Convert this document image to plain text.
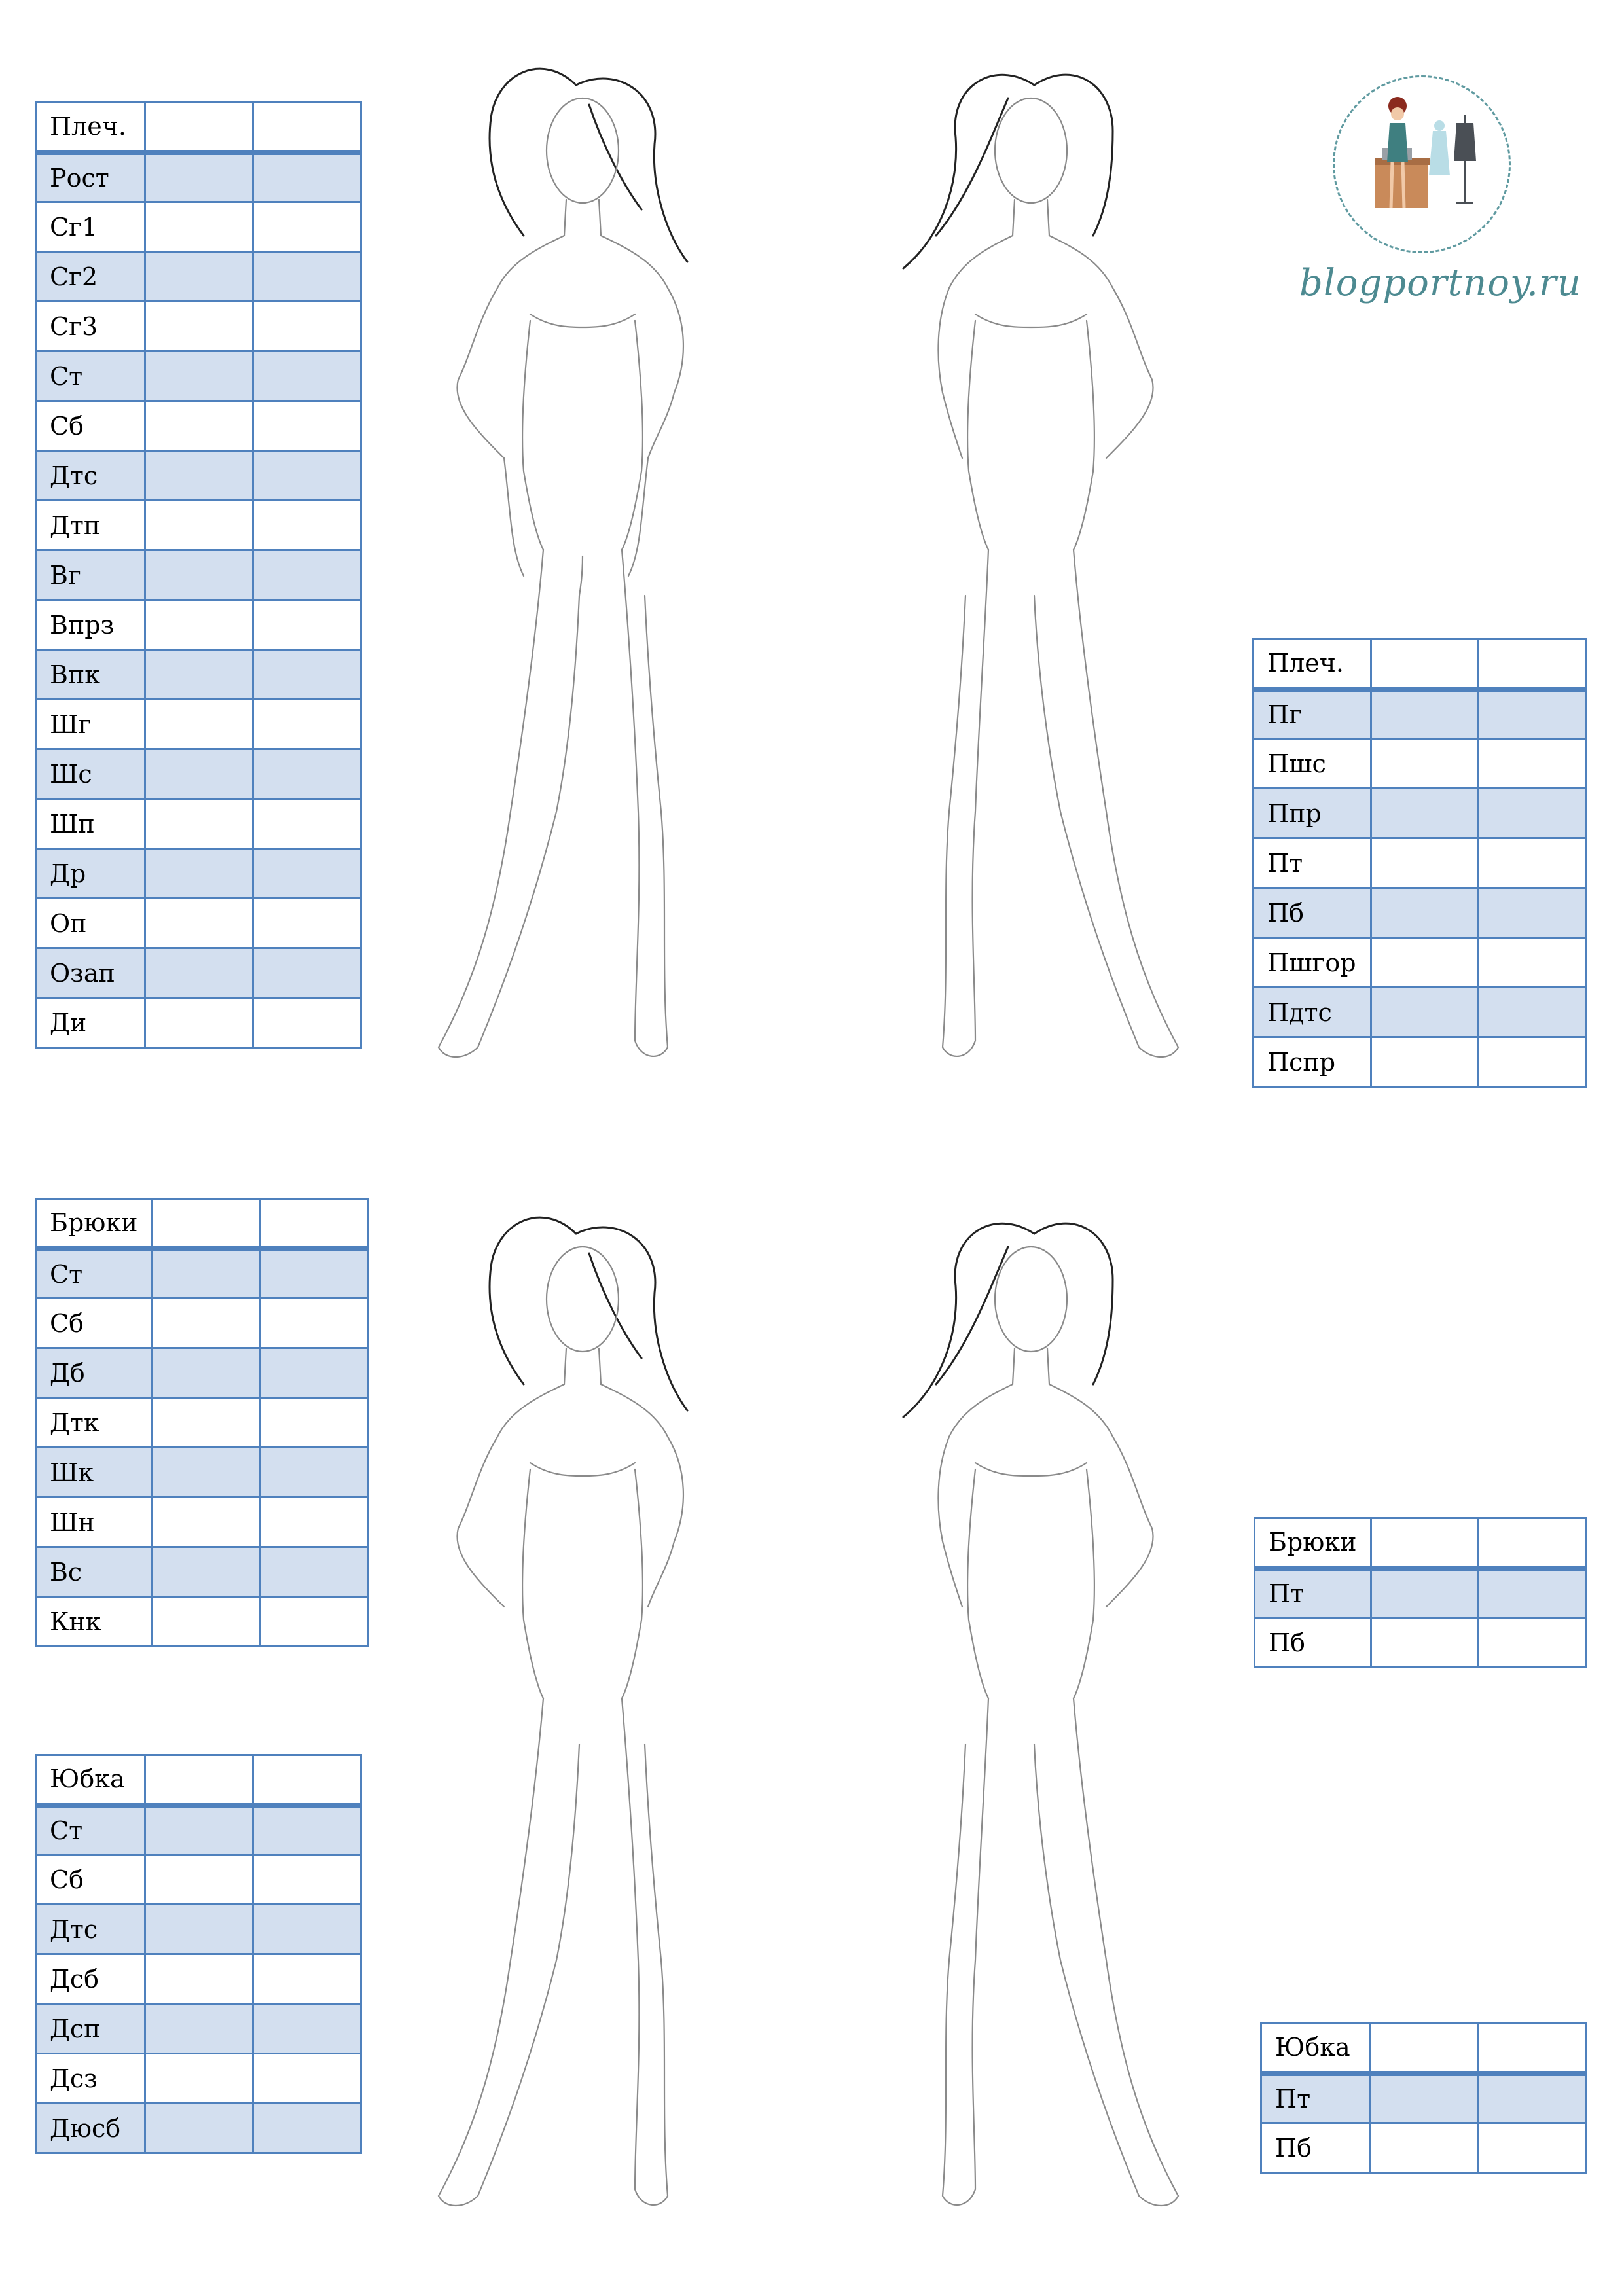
blogportnoy.ru
Плеч.		
Рост		
Сг1		
Сг2		
Сг3		
Ст		
Сб		
Дтс		
Дтп		
Вг		
Впрз		
Впк		
Шг		
Шс		
Шп		
Др		
Оп		
Озап		
Ди		
Плеч.		
Пг		
Пшс		
Ппр		
Пт		
Пб		
Пшгор		
Пдтс		
Пспр		
Брюки		
Ст		
Сб		
Дб		
Дтк		
Шк		
Шн		
Вс		
Кнк		
Брюки		
Пт		
Пб		
Юбка		
Ст		
Сб		
Дтс		
Дсб		
Дсп		
Дсз		
Дюсб		
Юбка		
Пт		
Пб		
